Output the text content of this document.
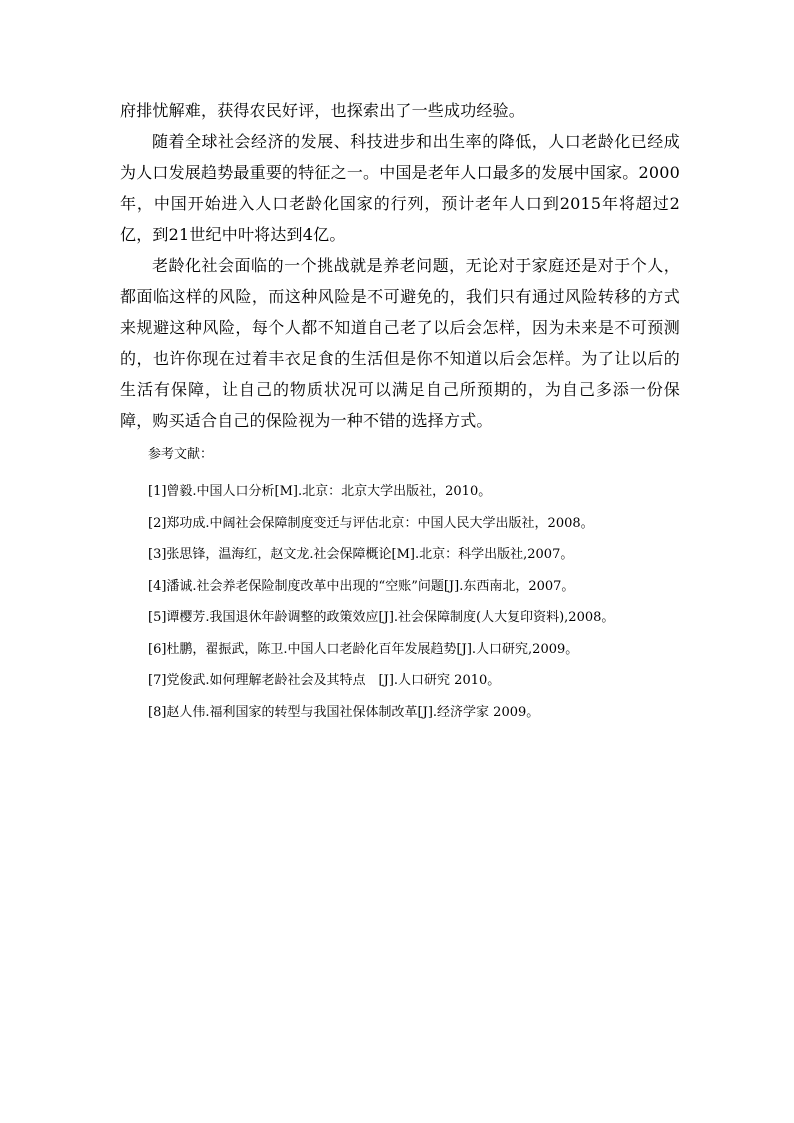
府排忧解难，获得农民好评，也探索出了一些成功经验。

随着全球社会经济的发展、科技进步和出生率的降低，人口老龄化已经成为人口发展趋势最重要的特征之一。中国是老年人口最多的发展中国家。2000年，中国开始进入人口老龄化国家的行列，预计老年人口到2015年将超过2亿，到21世纪中叶将达到4亿。

老龄化社会面临的一个挑战就是养老问题，无论对于家庭还是对于个人，都面临这样的风险，而这种风险是不可避免的，我们只有通过风险转移的方式来规避这种风险，每个人都不知道自己老了以后会怎样，因为未来是不可预测的，也许你现在过着丰衣足食的生活但是你不知道以后会怎样。为了让以后的生活有保障，让自己的物质状况可以满足自己所预期的，为自己多添一份保障，购买适合自己的保险视为一种不错的选择方式。

参考文献：
[1]曾毅.中国人口分析[M].北京：北京大学出版社，2010。
[2]郑功成.中阔社会保障制度变迁与评估北京：中国人民大学出版社，2008。
[3]张思锋，温海红，赵文龙.社会保障概论[M].北京：科学出版社,2007。
[4]潘诚.社会养老保险制度改革中出现的“空账”问题[J].东西南北，2007。
[5]谭樱芳.我国退休年龄调整的政策效应[J].社会保障制度(人大复印资料),2008。
[6]杜鹏，翟振武，陈卫.中国人口老龄化百年发展趋势[J].人口研究,2009。
[7]党俊武.如何理解老龄社会及其特点　[J].人口研究 2010。
[8]赵人伟.福利国家的转型与我国社保体制改革[J].经济学家 2009。
